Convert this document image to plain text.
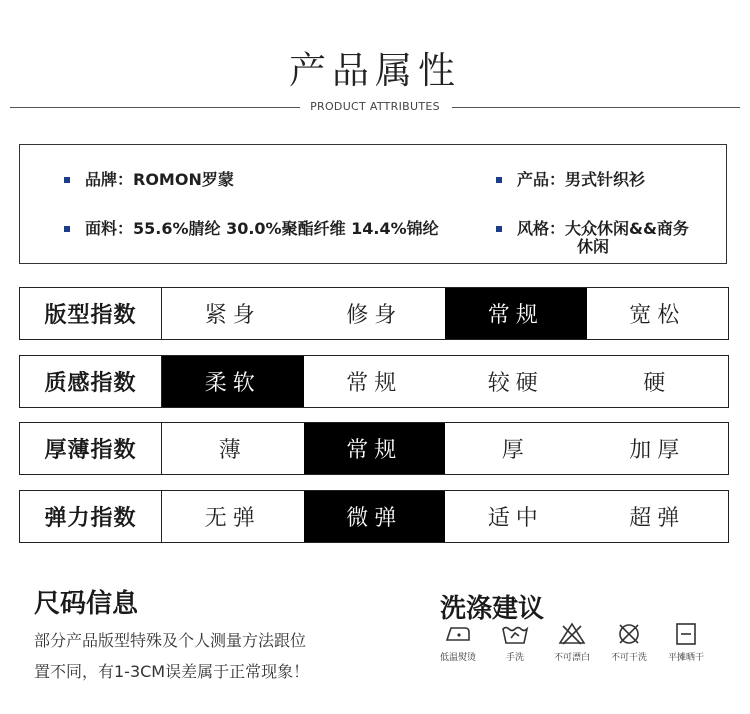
产品属性
PRODUCT ATTRIBUTES
品牌：ROMON罗蒙	产品：男式针织衫
面料：55.6%腈纶 30.0%聚酯纤维 14.4%锦纶	风格：大众休闲&&商务
休闲
版型指数	紧身	修身	常规	宽松
质感指数	柔软	常规	较硬	硬
厚薄指数	薄	常规	厚	加厚
弹力指数	无弹	微弹	适中	超弹
尺码信息
部分产品版型特殊及个人测量方法跟位
置不同，有1-3CM误差属于正常现象！
洗涤建议
低温熨烫	手洗	不可漂白	不可干洗	平摊晒干
